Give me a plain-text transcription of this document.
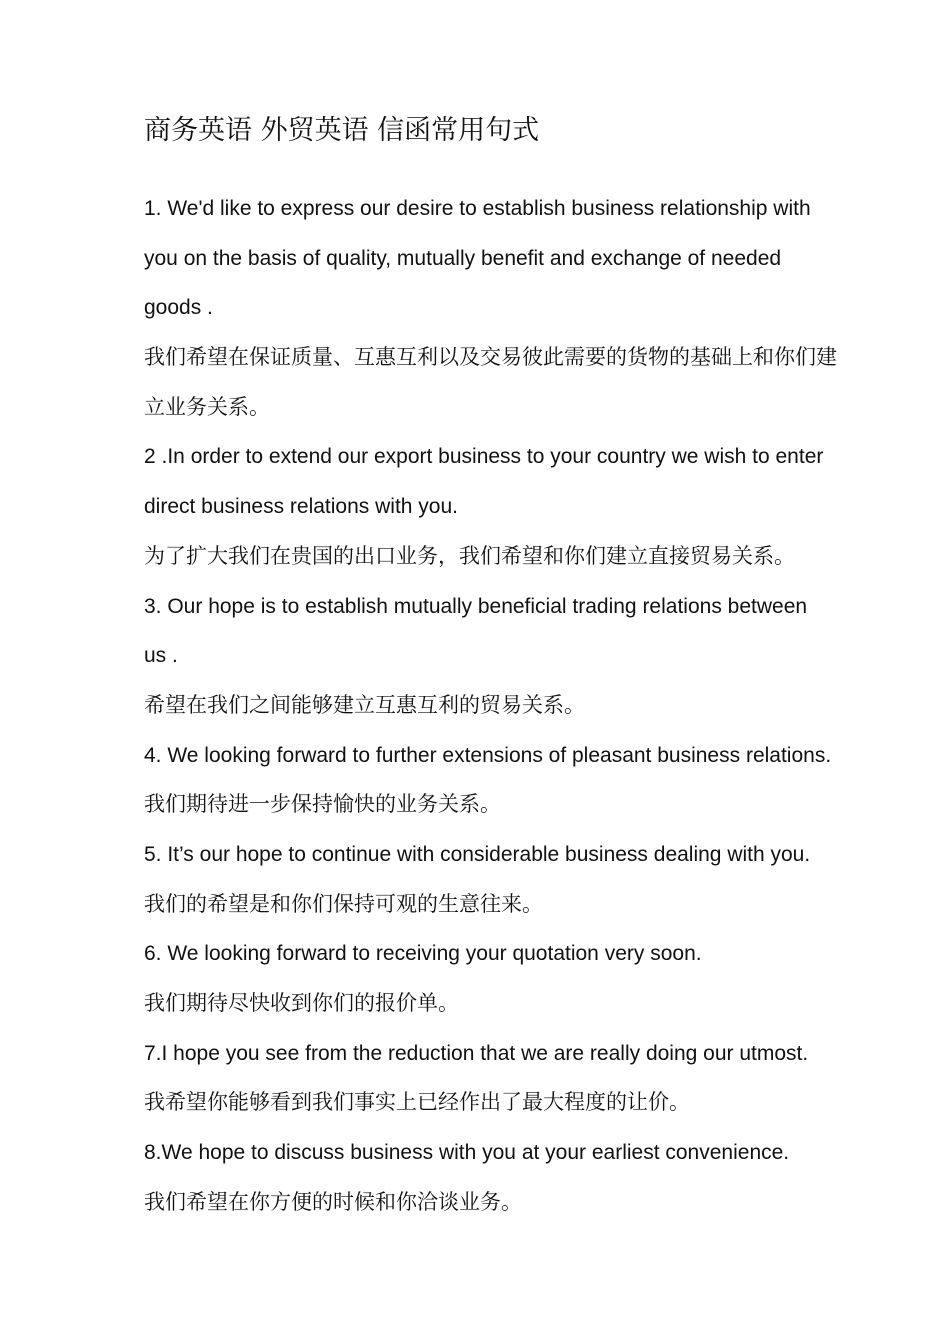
商务英语 外贸英语 信函常用句式
1. We'd like to express our desire to establish business relationship with
you on the basis of quality, mutually benefit and exchange of needed
goods .
我们希望在保证质量、互惠互利以及交易彼此需要的货物的基础上和你们建
立业务关系。
2 .In order to extend our export business to your country we wish to enter
direct business relations with you.
为了扩大我们在贵国的出口业务，我们希望和你们建立直接贸易关系。
3. Our hope is to establish mutually beneficial trading relations between
us .
希望在我们之间能够建立互惠互利的贸易关系。
4. We looking forward to further extensions of pleasant business relations.
我们期待进一步保持愉快的业务关系。
5. It’s our hope to continue with considerable business dealing with you.
我们的希望是和你们保持可观的生意往来。
6. We looking forward to receiving your quotation very soon.
我们期待尽快收到你们的报价单。
7.I hope you see from the reduction that we are really doing our utmost.
我希望你能够看到我们事实上已经作出了最大程度的让价。
8.We hope to discuss business with you at your earliest convenience.
我们希望在你方便的时候和你洽谈业务。
